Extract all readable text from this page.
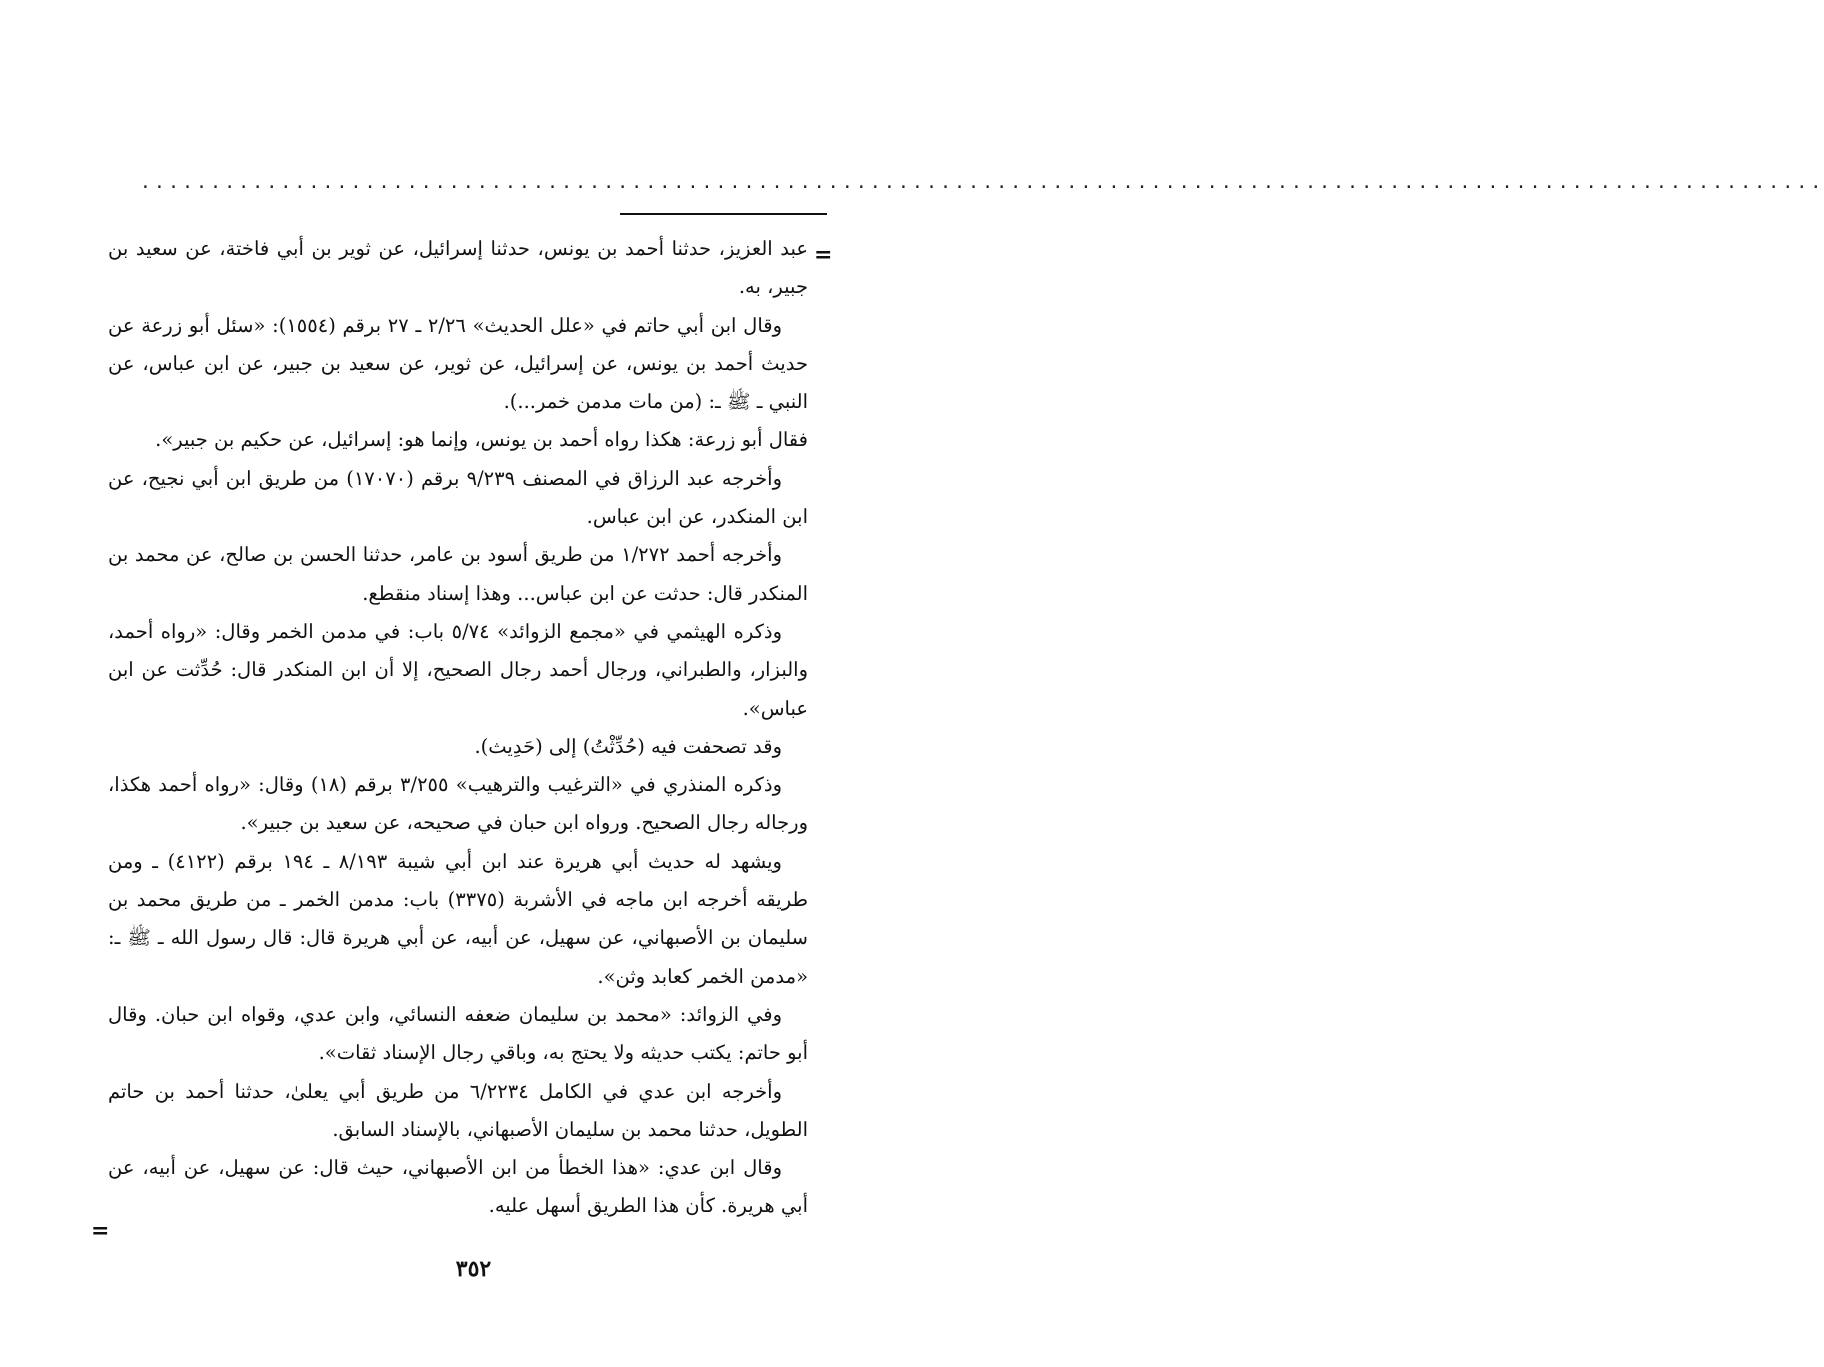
........................................................................................................................
=

عبد العزيز، حدثنا أحمد بن يونس، حدثنا إسرائيل، عن ثوير بن أبي فاختة، عن سعيد بن جبير، به.

وقال ابن أبي حاتم في «علل الحديث» ٢/٢٦ ـ ٢٧ برقم (١٥٥٤): «سئل أبو زرعة عن حديث أحمد بن يونس، عن إسرائيل، عن ثوير، عن سعيد بن جبير، عن ابن عباس، عن النبي ـ ﷺ ـ: (من مات مدمن خمر...).

فقال أبو زرعة: هكذا رواه أحمد بن يونس، وإنما هو: إسرائيل، عن حكيم بن جبير».

وأخرجه عبد الرزاق في المصنف ٩/٢٣٩ برقم (١٧٠٧٠) من طريق ابن أبي نجيح، عن ابن المنكدر، عن ابن عباس.

وأخرجه أحمد ١/٢٧٢ من طريق أسود بن عامر، حدثنا الحسن بن صالح، عن محمد بن المنكدر قال: حدثت عن ابن عباس... وهذا إسناد منقطع.

وذكره الهيثمي في «مجمع الزوائد» ٥/٧٤ باب: في مدمن الخمر وقال: «رواه أحمد، والبزار، والطبراني، ورجال أحمد رجال الصحيح، إلا أن ابن المنكدر قال: حُدِّثت عن ابن عباس».

وقد تصحفت فيه (حُدِّثْتُ) إلى (حَدِيث).

وذكره المنذري في «الترغيب والترهيب» ٣/٢٥٥ برقم (١٨) وقال: «رواه أحمد هكذا، ورجاله رجال الصحيح. ورواه ابن حبان في صحيحه، عن سعيد بن جبير».

ويشهد له حديث أبي هريرة عند ابن أبي شيبة ٨/١٩٣ ـ ١٩٤ برقم (٤١٢٢) ـ ومن طريقه أخرجه ابن ماجه في الأشربة (٣٣٧٥) باب: مدمن الخمر ـ من طريق محمد بن سليمان بن الأصبهاني، عن سهيل، عن أبيه، عن أبي هريرة قال: قال رسول الله ـ ﷺ ـ: «مدمن الخمر كعابد وثن».

وفي الزوائد: «محمد بن سليمان ضعفه النسائي، وابن عدي، وقواه ابن حبان. وقال أبو حاتم: يكتب حديثه ولا يحتج به، وباقي رجال الإسناد ثقات».

وأخرجه ابن عدي في الكامل ٦/٢٢٣٤ من طريق أبي يعلىٰ، حدثنا أحمد بن حاتم الطويل، حدثنا محمد بن سليمان الأصبهاني، بالإسناد السابق.

وقال ابن عدي: «هذا الخطأ من ابن الأصبهاني، حيث قال: عن سهيل، عن أبيه، عن أبي هريرة. كأن هذا الطريق أسهل عليه.

=
٣٥٢
